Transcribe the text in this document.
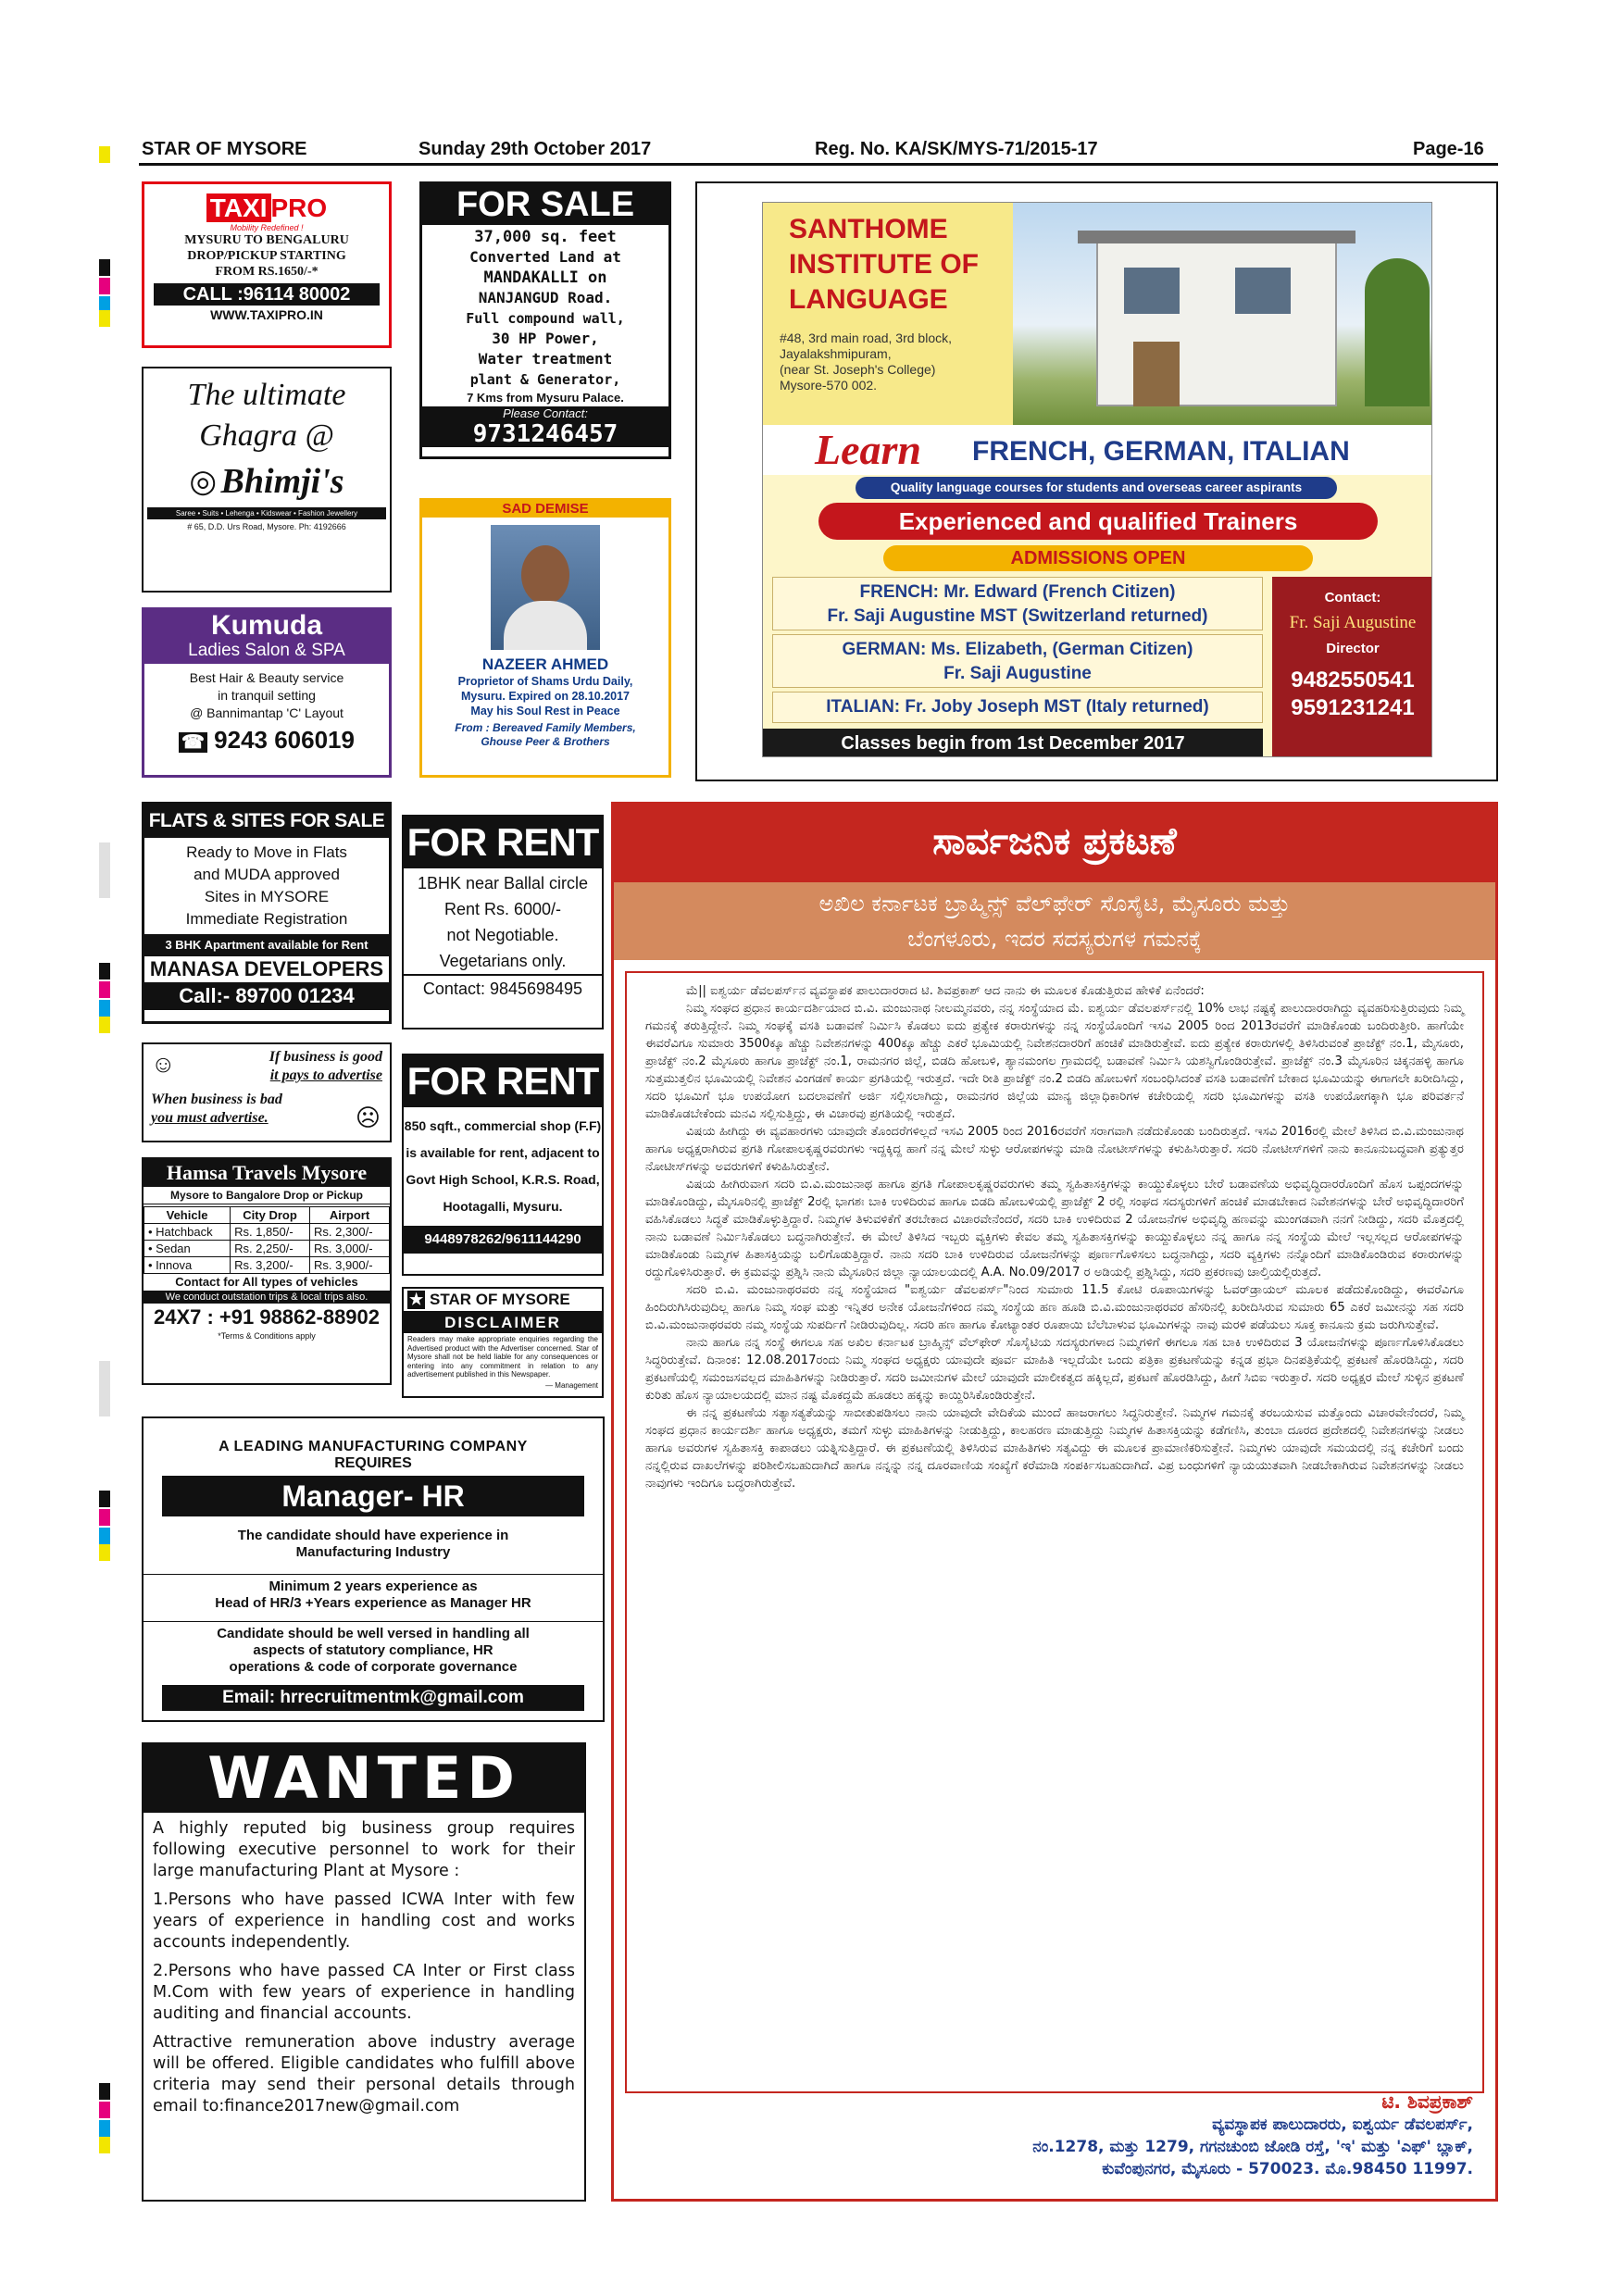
STAR OF MYSORE	Sunday 29th October 2017	Reg. No. KA/SK/MYS-71/2015-17	Page-16
TAXI PRO
Mobility Redefined !
MYSURU TO BENGALURU
DROP/PICKUP STARTING
FROM RS.1650/-*
CALL :96114 80002
WWW.TAXIPRO.IN
FOR SALE
37,000 sq. feet
Converted Land at
MANDAKALLI on
NANJANGUD Road.
Full compound wall,
30 HP Power,
Water treatment
plant & Generator,
7 Kms from Mysuru Palace.
Please Contact:
9731246457
The ultimate
Ghagra @
◎ Bhimji's
Saree • Suits • Lehenga • Kidswear • Fashion Jewellery
# 65, D.D. Urs Road, Mysore. Ph: 4192666
Kumuda
Ladies Salon & SPA
Best Hair & Beauty service
in tranquil setting
@ Bannimantap 'C' Layout
☎ 9243 606019
SAD DEMISE
NAZEER AHMED
Proprietor of Shams Urdu Daily,
Mysuru. Expired on 28.10.2017
May his Soul Rest in Peace
From : Bereaved Family Members,
Ghouse Peer & Brothers
SANTHOME
INSTITUTE OF
LANGUAGE
#48, 3rd main road, 3rd block,
Jayalakshmipuram,
(near St. Joseph's College)
Mysore-570 002.
Learn FRENCH, GERMAN, ITALIAN
Quality language courses for students and overseas career aspirants
Experienced and qualified Trainers
ADMISSIONS OPEN
FRENCH: Mr. Edward (French Citizen)
Fr. Saji Augustine MST (Switzerland returned)
GERMAN: Ms. Elizabeth, (German Citizen)
Fr. Saji Augustine
ITALIAN: Fr. Joby Joseph MST (Italy returned)
Classes begin from 1st December 2017
Contact:
Fr. Saji Augustine
Director
9482550541
9591231241
FLATS & SITES FOR SALE
Ready to Move in Flats
and MUDA approved
Sites in MYSORE
Immediate Registration
3 BHK Apartment available for Rent
MANASA DEVELOPERS
Call:- 89700 01234
FOR RENT
1BHK near Ballal circle
Rent Rs. 6000/-
not Negotiable.
Vegetarians only.
Contact: 9845698495
☺
☹
If business is good
it pays to advertise
When business is bad
you must advertise.
FOR RENT
850 sqft., commercial shop (F.F)
is available for rent, adjacent to
Govt High School, K.R.S. Road,
Hootagalli, Mysuru.
9448978262/9611144290
Hamsa Travels Mysore
Mysore to Bangalore Drop or Pickup
Vehicle	City Drop	Airport
• Hatchback	Rs. 1,850/-	Rs. 2,300/-
• Sedan	Rs. 2,250/-	Rs. 3,000/-
• Innova	Rs. 3,200/-	Rs. 3,900/-
Contact for All types of vehicles
We conduct outstation trips & local trips also.
24X7 : +91 98862-88902
*Terms & Conditions apply
★ STAR OF MYSORE
DISCLAIMER
Readers may make appropriate enquiries regarding the Advertised product with the Advertiser concerned. Star of Mysore shall not be held liable for any consequences or entering into any commitment in relation to any advertisement published in this Newspaper.
— Management
A LEADING MANUFACTURING COMPANY
REQUIRES
Manager- HR
The candidate should have experience in
Manufacturing Industry
Minimum 2 years experience as
Head of HR/3 +Years experience as Manager HR
Candidate should be well versed in handling all
aspects of statutory compliance, HR
operations & code of corporate governance
Email: hrrecruitmentmk@gmail.com
WANTED
A highly reputed big business group requires following executive personnel to work for their large manufacturing Plant at Mysore :
1.Persons who have passed ICWA Inter with few years of experience in handling cost and works accounts independently.
2.Persons who have passed CA Inter or First class M.Com with few years of experience in handling auditing and financial accounts.
Attractive remuneration above industry average will be offered. Eligible candidates who fulfill above criteria may send their personal details through email to:finance2017new@gmail.com
ಸಾರ್ವಜನಿಕ ಪ್ರಕಟಣೆ
ಅಖಿಲ ಕರ್ನಾಟಕ ಬ್ರಾಹ್ಮಿನ್ಸ್ ವೆಲ್‌ಫೇರ್ ಸೊಸೈಟಿ, ಮೈಸೂರು ಮತ್ತು
ಬೆಂಗಳೂರು, ಇದರ ಸದಸ್ಯರುಗಳ ಗಮನಕ್ಕೆ

ಮೆ|| ಐಶ್ವರ್ಯ ಡೆವಲಪರ್ಸ್‌ನ ವ್ಯವಸ್ಥಾಪಕ ಪಾಲುದಾರರಾದ ಟಿ. ಶಿವಪ್ರಕಾಶ್ ಆದ ನಾನು ಈ ಮೂಲಕ ಕೊಡುತ್ತಿರುವ ಹೇಳಿಕೆ ಏನೆಂದರೆ:

ನಿಮ್ಮ ಸಂಘದ ಪ್ರಧಾನ ಕಾರ್ಯದರ್ಶಿಯಾದ ಬಿ.ವಿ. ಮಂಜುನಾಥ ನೀಲಮ್ಮನವರು, ನನ್ನ ಸಂಸ್ಥೆಯಾದ ಮೆ. ಐಶ್ವರ್ಯ ಡೆವಲಪರ್ಸ್‌ನಲ್ಲಿ 10% ಲಾಭ ನಷ್ಟಕ್ಕೆ ಪಾಲುದಾರರಾಗಿದ್ದು ವ್ಯವಹರಿಸುತ್ತಿರುವುದು ನಿಮ್ಮ ಗಮನಕ್ಕೆ ತರುತ್ತಿದ್ದೇನೆ. ನಿಮ್ಮ ಸಂಘಕ್ಕೆ ವಸತಿ ಬಡಾವಣೆ ನಿರ್ಮಿಸಿ ಕೊಡಲು ಐದು ಪ್ರತ್ಯೇಕ ಕರಾರುಗಳನ್ನು ನನ್ನ ಸಂಸ್ಥೆಯೊಂದಿಗೆ ಇಸವಿ 2005 ರಿಂದ 2013ರವರೆಗೆ ಮಾಡಿಕೊಂಡು ಬಂದಿರುತ್ತೀರಿ. ಹಾಗೆಯೇ ಈವರೆವಿಗೂ ಸುಮಾರು 3500ಕ್ಕೂ ಹೆಚ್ಚು ನಿವೇಶನಗಳನ್ನು 400ಕ್ಕೂ ಹೆಚ್ಚು ಎಕರೆ ಭೂಮಿಯಲ್ಲಿ ನಿವೇಶನದಾರರಿಗೆ ಹಂಚಿಕೆ ಮಾಡಿರುತ್ತೇವೆ. ಐದು ಪ್ರತ್ಯೇಕ ಕರಾರುಗಳಲ್ಲಿ ತಿಳಿಸಿರುವಂತೆ ಪ್ರಾಜೆಕ್ಟ್ ನಂ.1, ಮೈಸೂರು, ಪ್ರಾಜೆಕ್ಟ್ ನಂ.2 ಮೈಸೂರು ಹಾಗೂ ಪ್ರಾಜೆಕ್ಟ್ ನಂ.1, ರಾಮನಗರ ಜಿಲ್ಲೆ, ಬಿಡದಿ ಹೋಬಳಿ, ಶ್ಯಾನಮಂಗಲ ಗ್ರಾಮದಲ್ಲಿ ಬಡಾವಣೆ ನಿರ್ಮಿಸಿ ಯಶಸ್ವಿಗೊಂಡಿರುತ್ತೇವೆ. ಪ್ರಾಜೆಕ್ಟ್ ನಂ.3 ಮೈಸೂರಿನ ಚಿಕ್ಕನಹಳ್ಳಿ ಹಾಗೂ ಸುತ್ತಮುತ್ತಲಿನ ಭೂಮಿಯಲ್ಲಿ ನಿವೇಶನ ವಿಂಗಡಣೆ ಕಾರ್ಯ ಪ್ರಗತಿಯಲ್ಲಿ ಇರುತ್ತದೆ. ಇದೇ ರೀತಿ ಪ್ರಾಜೆಕ್ಟ್ ನಂ.2 ಬಿಡದಿ ಹೋಬಳಿಗೆ ಸಂಬಂಧಿಸಿದಂತೆ ವಸತಿ ಬಡಾವಣೆಗೆ ಬೇಕಾದ ಭೂಮಿಯನ್ನು ಈಗಾಗಲೇ ಖರೀದಿಸಿದ್ದು, ಸದರಿ ಭೂಮಿಗೆ ಭೂ ಉಪಯೋಗ ಬದಲಾವಣೆಗೆ ಅರ್ಜಿ ಸಲ್ಲಿಸಲಾಗಿದ್ದು, ರಾಮನಗರ ಜಿಲ್ಲೆಯ ಮಾನ್ಯ ಜಿಲ್ಲಾಧಿಕಾರಿಗಳ ಕಚೇರಿಯಲ್ಲಿ ಸದರಿ ಭೂಮಿಗಳನ್ನು ವಸತಿ ಉಪಯೋಗಕ್ಕಾಗಿ ಭೂ ಪರಿವರ್ತನೆ ಮಾಡಿಕೊಡಬೇಕೆಂದು ಮನವಿ ಸಲ್ಲಿಸುತ್ತಿದ್ದು, ಈ ವಿಚಾರವು ಪ್ರಗತಿಯಲ್ಲಿ ಇರುತ್ತದೆ.

ವಿಷಯ ಹೀಗಿದ್ದು ಈ ವ್ಯವಹಾರಗಳು ಯಾವುದೇ ತೊಂದರೆಗಳಿಲ್ಲದೆ ಇಸವಿ 2005 ರಿಂದ 2016ರವರೆಗೆ ಸರಾಗವಾಗಿ ನಡೆದುಕೊಂಡು ಬಂದಿರುತ್ತದೆ. ಇಸವಿ 2016ರಲ್ಲಿ ಮೇಲೆ ತಿಳಿಸಿದ ಬಿ.ವಿ.ಮಂಜುನಾಥ ಹಾಗೂ ಅಧ್ಯಕ್ಷರಾಗಿರುವ ಪ್ರಗತಿ ಗೋಪಾಲಕೃಷ್ಣರವರುಗಳು ಇದ್ದಕ್ಕಿದ್ದ ಹಾಗೆ ನನ್ನ ಮೇಲೆ ಸುಳ್ಳು ಆರೋಪಗಳನ್ನು ಮಾಡಿ ನೋಟೀಸ್‌ಗಳನ್ನು ಕಳುಹಿಸಿರುತ್ತಾರೆ. ಸದರಿ ನೋಟೀಸ್‌ಗಳಿಗೆ ನಾನು ಕಾನೂನುಬದ್ಧವಾಗಿ ಪ್ರತ್ಯುತ್ತರ ನೋಟೀಸ್‌ಗಳನ್ನು ಅವರುಗಳಿಗೆ ಕಳುಹಿಸಿರುತ್ತೇನೆ.

ವಿಷಯ ಹೀಗಿರುವಾಗ ಸದರಿ ಬಿ.ವಿ.ಮಂಜುನಾಥ ಹಾಗೂ ಪ್ರಗತಿ ಗೋಪಾಲಕೃಷ್ಣರವರುಗಳು ತಮ್ಮ ಸ್ವಹಿತಾಸಕ್ತಿಗಳನ್ನು ಕಾಯ್ದುಕೊಳ್ಳಲು ಬೇರೆ ಬಡಾವಣೆಯ ಅಭಿವೃದ್ಧಿದಾರರೊಂದಿಗೆ ಹೊಸ ಒಪ್ಪಂದಗಳನ್ನು ಮಾಡಿಕೊಂಡಿದ್ದು, ಮೈಸೂರಿನಲ್ಲಿ ಪ್ರಾಜೆಕ್ಟ್ 2ರಲ್ಲಿ ಭಾಗಶಃ ಬಾಕಿ ಉಳಿದಿರುವ ಹಾಗೂ ಬಿಡದಿ ಹೋಬಳಿಯಲ್ಲಿ ಪ್ರಾಜೆಕ್ಟ್ 2 ರಲ್ಲಿ ಸಂಘದ ಸದಸ್ಯರುಗಳಿಗೆ ಹಂಚಿಕೆ ಮಾಡಬೇಕಾದ ನಿವೇಶನಗಳನ್ನು ಬೇರೆ ಅಭಿವೃದ್ಧಿದಾರರಿಗೆ ವಹಿಸಿಕೊಡಲು ಸಿದ್ಧತೆ ಮಾಡಿಕೊಳ್ಳುತ್ತಿದ್ದಾರೆ. ನಿಮ್ಮಗಳ ತಿಳುವಳಿಕೆಗೆ ತರಬೇಕಾದ ವಿಚಾರವೇನೆಂದರೆ, ಸದರಿ ಬಾಕಿ ಉಳಿದಿರುವ 2 ಯೋಜನೆಗಳ ಅಭಿವೃದ್ಧಿ ಹಣವನ್ನು ಮುಂಗಡವಾಗಿ ನನಗೆ ನೀಡಿದ್ದು, ಸದರಿ ಮೊತ್ತದಲ್ಲಿ ನಾನು ಬಡಾವಣೆ ನಿರ್ಮಿಸಿಕೊಡಲು ಬದ್ಧನಾಗಿರುತ್ತೇನೆ. ಈ ಮೇಲೆ ತಿಳಿಸಿದ ಇಬ್ಬರು ವ್ಯಕ್ತಿಗಳು ಕೇವಲ ತಮ್ಮ ಸ್ವಹಿತಾಸಕ್ತಿಗಳನ್ನು ಕಾಯ್ದುಕೊಳ್ಳಲು ನನ್ನ ಹಾಗೂ ನನ್ನ ಸಂಸ್ಥೆಯ ಮೇಲೆ ಇಲ್ಲಸಲ್ಲದ ಆರೋಪಗಳನ್ನು ಮಾಡಿಕೊಂಡು ನಿಮ್ಮಗಳ ಹಿತಾಸಕ್ತಿಯನ್ನು ಬಲಿಗೊಡುತ್ತಿದ್ದಾರೆ. ನಾನು ಸದರಿ ಬಾಕಿ ಉಳಿದಿರುವ ಯೋಜನೆಗಳನ್ನು ಪೂರ್ಣಗೊಳಿಸಲು ಬದ್ಧನಾಗಿದ್ದು, ಸದರಿ ವ್ಯಕ್ತಿಗಳು ನನ್ನೊಂದಿಗೆ ಮಾಡಿಕೊಂಡಿರುವ ಕರಾರುಗಳನ್ನು ರದ್ದುಗೊಳಿಸಿರುತ್ತಾರೆ. ಈ ಕ್ರಮವನ್ನು ಪ್ರಶ್ನಿಸಿ ನಾನು ಮೈಸೂರಿನ ಜಿಲ್ಲಾ ನ್ಯಾಯಾಲಯದಲ್ಲಿ A.A. No.09/2017 ರ ಅಡಿಯಲ್ಲಿ ಪ್ರಶ್ನಿಸಿದ್ದು, ಸದರಿ ಪ್ರಕರಣವು ಚಾಲ್ತಿಯಲ್ಲಿರುತ್ತದೆ.

ಸದರಿ ಬಿ.ವಿ. ಮಂಜುನಾಥರವರು ನನ್ನ ಸಂಸ್ಥೆಯಾದ "ಐಶ್ವರ್ಯ ಡೆವಲಪರ್ಸ್"ನಿಂದ ಸುಮಾರು 11.5 ಕೋಟಿ ರೂಪಾಯಿಗಳನ್ನು ಓವರ್‌ಡ್ರಾಯಲ್ ಮೂಲಕ ಪಡೆದುಕೊಂಡಿದ್ದು, ಈವರೆವಿಗೂ ಹಿಂದಿರುಗಿಸಿರುವುದಿಲ್ಲ ಹಾಗೂ ನಿಮ್ಮ ಸಂಘ ಮತ್ತು ಇನ್ನಿತರ ಅನೇಕ ಯೋಜನೆಗಳಿಂದ ನಮ್ಮ ಸಂಸ್ಥೆಯ ಹಣ ಹೂಡಿ ಬಿ.ವಿ.ಮಂಜುನಾಥರವರ ಹೆಸರಿನಲ್ಲಿ ಖರೀದಿಸಿರುವ ಸುಮಾರು 65 ಎಕರೆ ಜಮೀನನ್ನು ಸಹ ಸದರಿ ಬಿ.ವಿ.ಮಂಜುನಾಥರವರು ನಮ್ಮ ಸಂಸ್ಥೆಯ ಸುಪರ್ದಿಗೆ ನೀಡಿರುವುದಿಲ್ಲ. ಸದರಿ ಹಣ ಹಾಗೂ ಕೋಟ್ಯಾಂತರ ರೂಪಾಯಿ ಬೆಲೆಬಾಳುವ ಭೂಮಿಗಳನ್ನು ನಾವು ಮರಳಿ ಪಡೆಯಲು ಸೂಕ್ತ ಕಾನೂನು ಕ್ರಮ ಜರುಗಿಸುತ್ತೇವೆ.

ನಾನು ಹಾಗೂ ನನ್ನ ಸಂಸ್ಥೆ ಈಗಲೂ ಸಹ ಅಖಿಲ ಕರ್ನಾಟಕ ಬ್ರಾಹ್ಮಿನ್ಸ್ ವೆಲ್‌ಫೇರ್ ಸೊಸೈಟಿಯ ಸದಸ್ಯರುಗಳಾದ ನಿಮ್ಮಗಳಿಗೆ ಈಗಲೂ ಸಹ ಬಾಕಿ ಉಳಿದಿರುವ 3 ಯೋಜನೆಗಳನ್ನು ಪೂರ್ಣಗೊಳಿಸಿಕೊಡಲು ಸಿದ್ಧರಿರುತ್ತೇವೆ. ದಿನಾಂಕ: 12.08.2017ರಂದು ನಿಮ್ಮ ಸಂಘದ ಅಧ್ಯಕ್ಷರು ಯಾವುದೇ ಪೂರ್ವ ಮಾಹಿತಿ ಇಲ್ಲದೆಯೇ ಒಂದು ಪತ್ರಿಕಾ ಪ್ರಕಟಣೆಯನ್ನು ಕನ್ನಡ ಪ್ರಭಾ ದಿನಪತ್ರಿಕೆಯಲ್ಲಿ ಪ್ರಕಟಣೆ ಹೊರಡಿಸಿದ್ದು, ಸದರಿ ಪ್ರಕಟಣೆಯಲ್ಲಿ ಸಮಂಜಸವಲ್ಲದ ಮಾಹಿತಿಗಳನ್ನು ನೀಡಿರುತ್ತಾರೆ. ಸದರಿ ಜಮೀನುಗಳ ಮೇಲೆ ಯಾವುದೇ ಮಾಲೀಕತ್ವದ ಹಕ್ಕಿಲ್ಲದೆ, ಪ್ರಕಟಣೆ ಹೊರಡಿಸಿದ್ದು, ಹೀಗೆ ಸಿಬಿಐ ಇರುತ್ತಾರೆ. ಸದರಿ ಅಧ್ಯಕ್ಷರ ಮೇಲೆ ಸುಳ್ಳಿನ ಪ್ರಕಟಣೆ ಕುರಿತು ಹೊಸ ನ್ಯಾಯಾಲಯದಲ್ಲಿ ಮಾನ ನಷ್ಟ ಮೊಕದ್ದಮೆ ಹೂಡಲು ಹಕ್ಕನ್ನು ಕಾಯ್ದಿರಿಸಿಕೊಂಡಿರುತ್ತೇನೆ.

ಈ ನನ್ನ ಪ್ರಕಟಣೆಯ ಸತ್ಯಾಸತ್ಯತೆಯನ್ನು ಸಾಬೀತುಪಡಿಸಲು ನಾನು ಯಾವುದೇ ವೇದಿಕೆಯ ಮುಂದೆ ಹಾಜರಾಗಲು ಸಿದ್ಧನಿರುತ್ತೇನೆ. ನಿಮ್ಮಗಳ ಗಮನಕ್ಕೆ ತರಬಯಸುವ ಮತ್ತೊಂದು ವಿಚಾರವೇನೆಂದರೆ, ನಿಮ್ಮ ಸಂಘದ ಪ್ರಧಾನ ಕಾರ್ಯದರ್ಶಿ ಹಾಗೂ ಅಧ್ಯಕ್ಷರು, ತಮಗೆ ಸುಳ್ಳು ಮಾಹಿತಿಗಳನ್ನು ನೀಡುತ್ತಿದ್ದು, ಕಾಲಹರಣ ಮಾಡುತ್ತಿದ್ದು ನಿಮ್ಮಗಳ ಹಿತಾಸಕ್ತಿಯನ್ನು ಕಡೆಗಣಿಸಿ, ತುಂಬಾ ದೂರದ ಪ್ರದೇಶದಲ್ಲಿ ನಿವೇಶನಗಳನ್ನು ನೀಡಲು ಹಾಗೂ ಅವರುಗಳ ಸ್ವಹಿತಾಸಕ್ತಿ ಕಾಪಾಡಲು ಯತ್ನಿಸುತ್ತಿದ್ದಾರೆ. ಈ ಪ್ರಕಟಣೆಯಲ್ಲಿ ತಿಳಿಸಿರುವ ಮಾಹಿತಿಗಳು ಸತ್ಯವಿದ್ದು ಈ ಮೂಲಕ ಪ್ರಾಮಾಣಿಕರಿಸುತ್ತೇನೆ. ನಿಮ್ಮಗಳು ಯಾವುದೇ ಸಮಯದಲ್ಲಿ ನನ್ನ ಕಚೇರಿಗೆ ಬಂದು ನನ್ನಲ್ಲಿರುವ ದಾಖಲೆಗಳನ್ನು ಪರಿಶೀಲಿಸಬಹುದಾಗಿದೆ ಹಾಗೂ ನನ್ನನ್ನು ನನ್ನ ದೂರವಾಣಿಯ ಸಂಖ್ಯೆಗೆ ಕರೆಮಾಡಿ ಸಂಪರ್ಕಿಸಬಹುದಾಗಿದೆ. ವಿಪ್ರ ಬಂಧುಗಳಿಗೆ ನ್ಯಾಯಯುತವಾಗಿ ನೀಡಬೇಕಾಗಿರುವ ನಿವೇಶನಗಳನ್ನು ನೀಡಲು ನಾವುಗಳು ಇಂದಿಗೂ ಬದ್ಧರಾಗಿರುತ್ತೇವೆ.

ಟಿ. ಶಿವಪ್ರಕಾಶ್
ವ್ಯವಸ್ಥಾಪಕ ಪಾಲುದಾರರು, ಐಶ್ವರ್ಯ ಡೆವಲಪರ್ಸ್,
ನಂ.1278, ಮತ್ತು 1279, ಗಗನಚುಂಬಿ ಜೋಡಿ ರಸ್ತೆ, 'ಇ' ಮತ್ತು 'ಎಫ್' ಬ್ಲಾಕ್,
ಕುವೆಂಪುನಗರ, ಮೈಸೂರು - 570023. ಮೊ.98450 11997.
